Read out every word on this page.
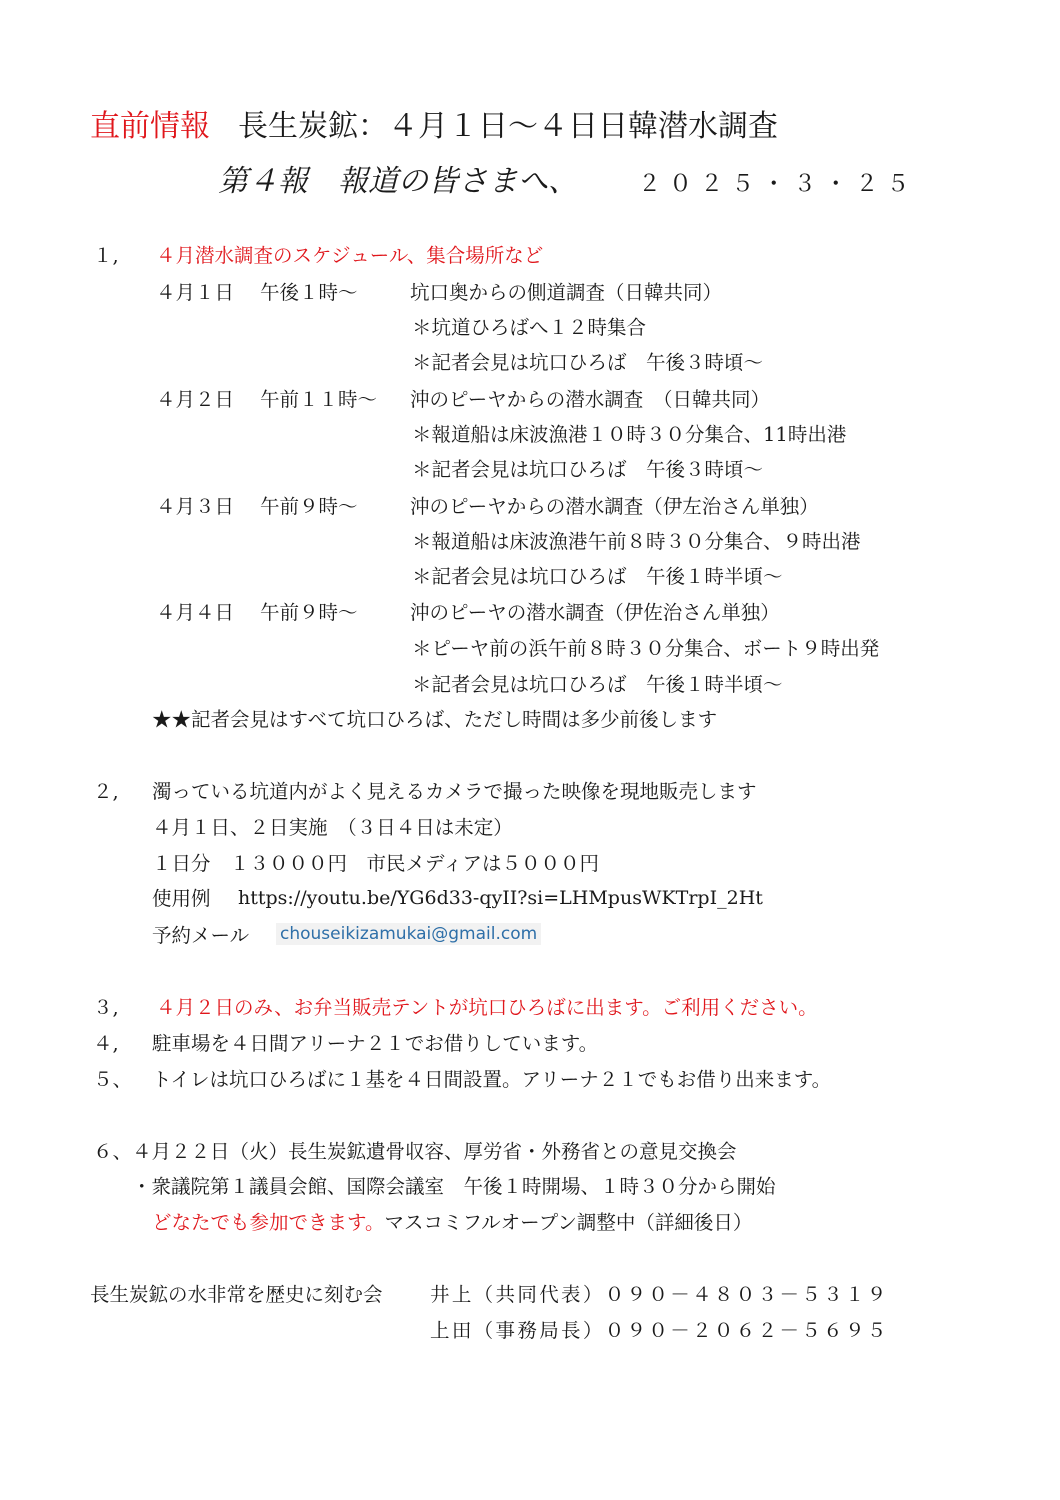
直前情報 長生炭鉱：４月１日～４日日韓潜水調査
第４報　報道の皆さまへ、	２０２５・３・２５
１, ４月潜水調査のスケジュール、集合場所など
４月１日 午後１時～	坑口奥からの側道調査（日韓共同）
＊坑道ひろばへ１２時集合
＊記者会見は坑口ひろば　午後３時頃～
４月２日 午前１１時～ 沖のピーヤからの潜水調査　（日韓共同）
＊報道船は床波漁港１０時３０分集合、11時出港
＊記者会見は坑口ひろば　午後３時頃～
４月３日 午前９時～	沖のピーヤからの潜水調査（伊左治さん単独）
＊報道船は床波漁港午前８時３０分集合、９時出港
＊記者会見は坑口ひろば　午後１時半頃～
４月４日 午前９時～	沖のピーヤの潜水調査（伊佐治さん単独）
＊ピーヤ前の浜午前８時３０分集合、ボート９時出発
＊記者会見は坑口ひろば　午後１時半頃～
★★記者会見はすべて坑口ひろば、ただし時間は多少前後します
２, 濁っている坑道内がよく見えるカメラで撮った映像を現地販売します
４月１日、２日実施　（３日４日は未定）
１日分　１３０００円　市民メディアは５０００円
使用例 https://youtu.be/YG6d33-qyII?si=LHMpusWKTrpI_2Ht
予約メール chouseikizamukai@gmail.com
３, ４月２日のみ、お弁当販売テントが坑口ひろばに出ます。ご利用ください。
４, 駐車場を４日間アリーナ２１でお借りしています。
５、 トイレは坑口ひろばに１基を４日間設置。アリーナ２１でもお借り出来ます。
６、４月２２日（火）長生炭鉱遺骨収容、厚労省・外務省との意見交換会
・衆議院第１議員会館、国際会議室　午後１時開場、１時３０分から開始
どなたでも参加できます。マスコミフルオープン調整中（詳細後日）
長生炭鉱の水非常を歴史に刻む会 井上（共同代表）０９０－４８０３－５３１９
上田（事務局長）０９０－２０６２－５６９５
